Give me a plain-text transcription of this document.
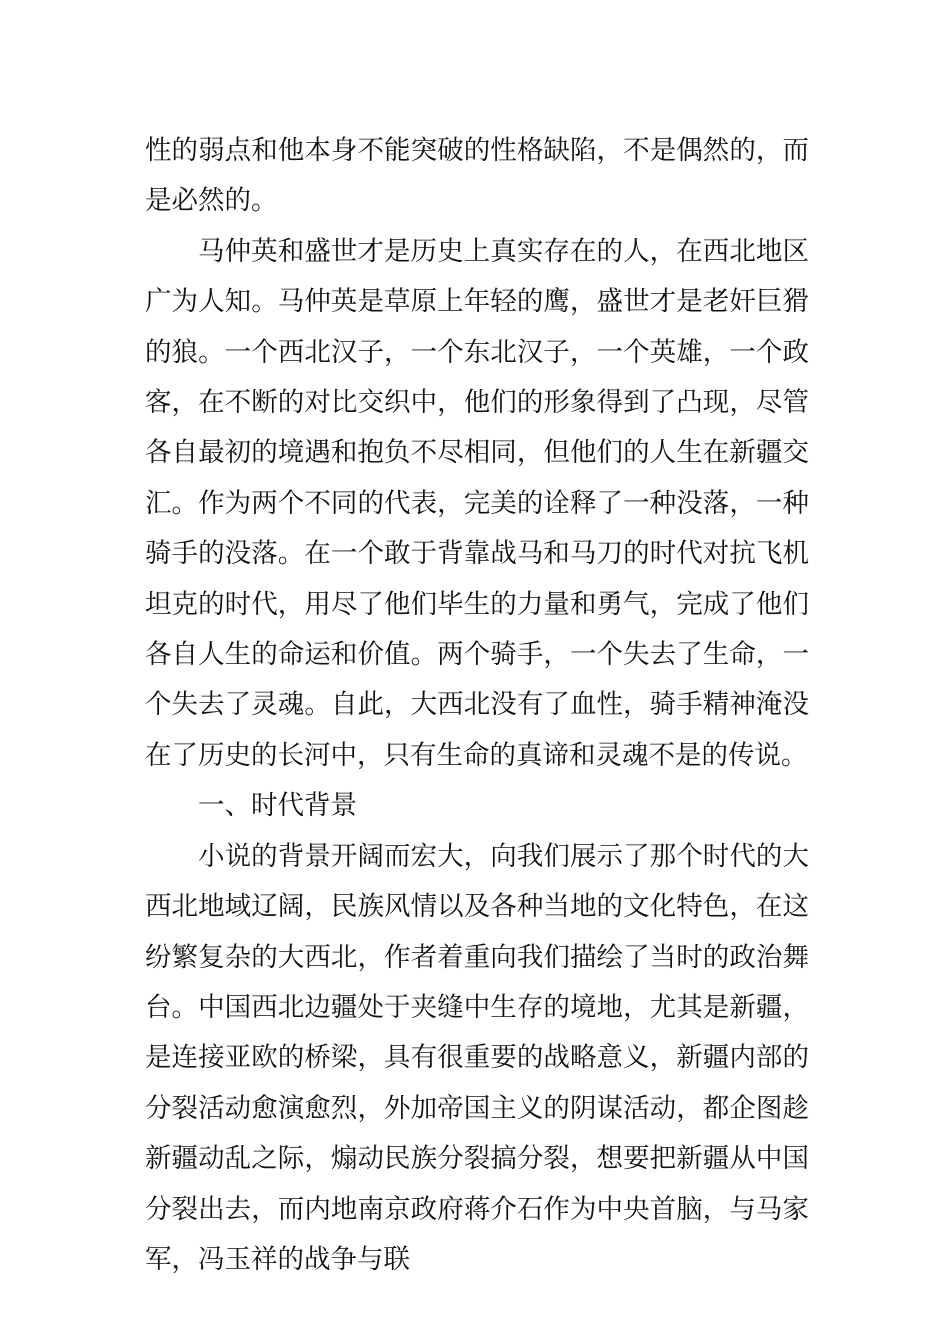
性的弱点和他本身不能突破的性格缺陷，不是偶然的，而是必然的。

马仲英和盛世才是历史上真实存在的人，在西北地区广为人知。马仲英是草原上年轻的鹰，盛世才是老奸巨猾的狼。一个西北汉子，一个东北汉子，一个英雄，一个政客，在不断的对比交织中，他们的形象得到了凸现，尽管各自最初的境遇和抱负不尽相同，但他们的人生在新疆交汇。作为两个不同的代表，完美的诠释了一种没落，一种骑手的没落。在一个敢于背靠战马和马刀的时代对抗飞机坦克的时代，用尽了他们毕生的力量和勇气，完成了他们各自人生的命运和价值。两个骑手，一个失去了生命，一个失去了灵魂。自此，大西北没有了血性，骑手精神淹没在了历史的长河中，只有生命的真谛和灵魂不是的传说。

一、时代背景

小说的背景开阔而宏大，向我们展示了那个时代的大西北地域辽阔，民族风情以及各种当地的文化特色，在这纷繁复杂的大西北，作者着重向我们描绘了当时的政治舞台。中国西北边疆处于夹缝中生存的境地，尤其是新疆，是连接亚欧的桥梁，具有很重要的战略意义，新疆内部的分裂活动愈演愈烈，外加帝国主义的阴谋活动，都企图趁新疆动乱之际，煽动民族分裂搞分裂，想要把新疆从中国分裂出去，而内地南京政府蒋介石作为中央首脑，与马家军，冯玉祥的战争与联
